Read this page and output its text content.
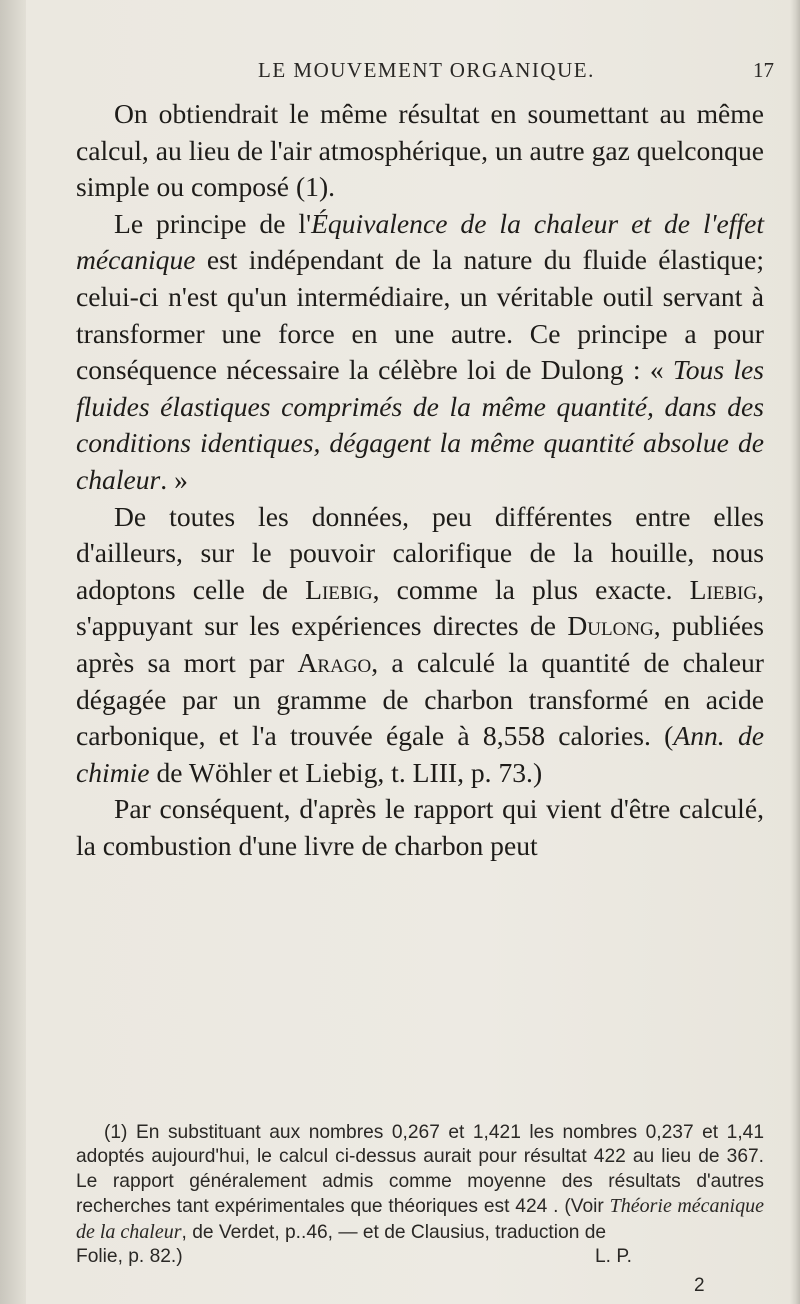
LE MOUVEMENT ORGANIQUE.	17

On obtiendrait le même résultat en soumettant au même calcul, au lieu de l'air atmosphérique, un autre gaz quelconque simple ou composé (1).

Le principe de l'Équivalence de la chaleur et de l'effet mécanique est indépendant de la nature du fluide élastique; celui-ci n'est qu'un intermédiaire, un véritable outil servant à transformer une force en une autre. Ce principe a pour conséquence nécessaire la célèbre loi de Dulong : « Tous les fluides élastiques comprimés de la même quantité, dans des conditions identiques, dégagent la même quantité absolue de chaleur. »

De toutes les données, peu différentes entre elles d'ailleurs, sur le pouvoir calorifique de la houille, nous adoptons celle de Liebig, comme la plus exacte. Liebig, s'appuyant sur les expériences directes de Dulong, publiées après sa mort par Arago, a calculé la quantité de chaleur dégagée par un gramme de charbon transformé en acide carbonique, et l'a trouvée égale à 8,558 calories. (Ann. de chimie de Wöhler et Liebig, t. LIII, p. 73.)

Par conséquent, d'après le rapport qui vient d'être calculé, la combustion d'une livre de charbon peut

(1) En substituant aux nombres 0,267 et 1,421 les nombres 0,237 et 1,41 adoptés aujourd'hui, le calcul ci-dessus aurait pour résultat 422 au lieu de 367. Le rapport généralement admis comme moyenne des résultats d'autres recherches tant expérimentales que théoriques est 424 . (Voir Théorie mécanique de la chaleur, de Verdet, p..46, — et de Clausius, traduction de

Folie, p. 82.)	L. P.
2
